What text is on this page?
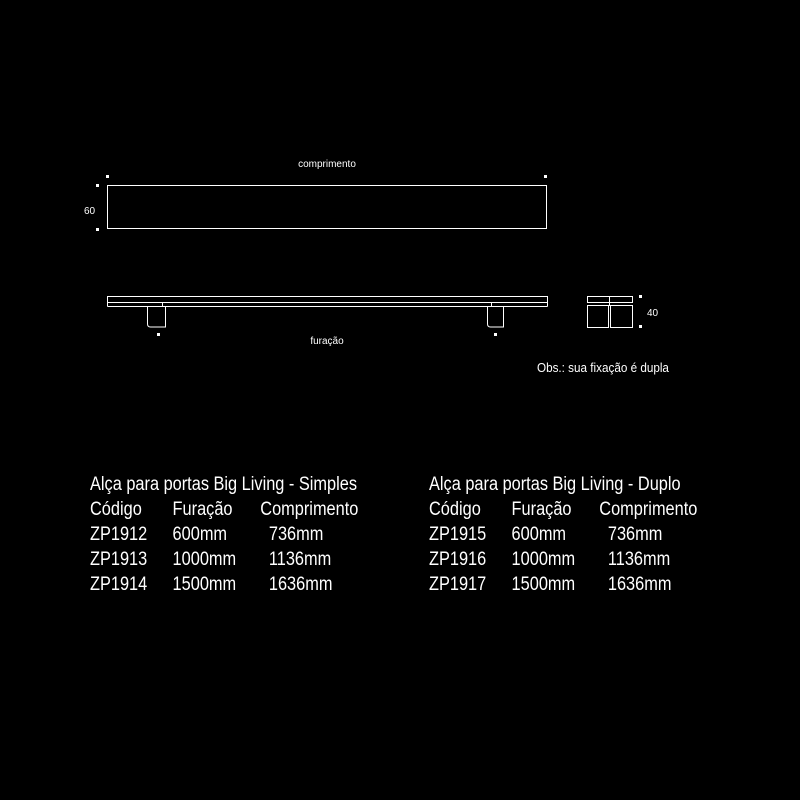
comprimento
60
furação
40
Obs.: sua fixação é dupla
Alça para portas Big Living - Simples
Código Furação Comprimento
ZP1912 600mm 736mm
ZP1913 1000mm 1136mm
ZP1914 1500mm 1636mm
Alça para portas Big Living - Duplo
Código Furação Comprimento
ZP1915 600mm 736mm
ZP1916 1000mm 1136mm
ZP1917 1500mm 1636mm
